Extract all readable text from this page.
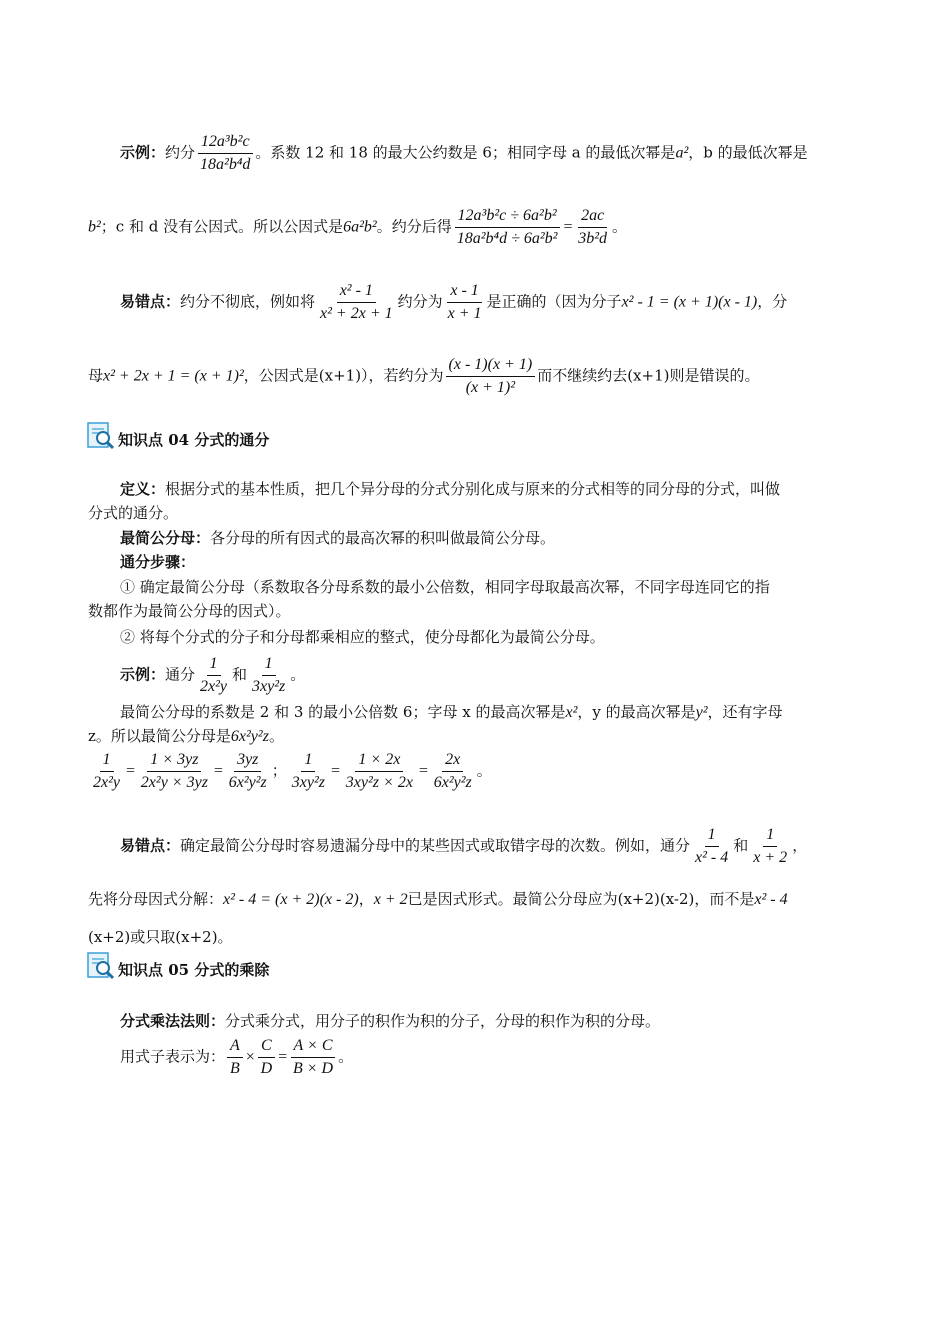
示例：约分 $\frac{\text{12a³b²c}}{\text{18a²b⁴d}}$ 。系数 12 和 18 的最大公约数是 6；相同字母 a 的最低次幂是a²，b 的最低次幂是
b²；c 和 d 没有公因式。所以公因式是6a²b²。约分后得 $\frac{\text{12a³b²c ÷ 6a²b²}}{\text{18a²b⁴d ÷ 6a²b²}} = \frac{2ac}{\text{3b²d}}$ 。
易错点：约分不彻底，例如将 $\frac{\text{x² - 1}}{\text{x² + 2x + 1}}$ 约分为 $\frac{x - 1}{x + 1}$ 是正确的（因为分子x² - 1 = (x + 1)(x - 1)，分
母x² + 2x + 1 = (x + 1)²，公因式是(x+1)），若约分为 $\frac{(x - 1)(x + 1)}{\text{(x + 1)²}}$ 而不继续约去(x+1)则是错误的。
知识点 04 分式的通分
定义：根据分式的基本性质，把几个异分母的分式分别化成与原来的分式相等的同分母的分式，叫做
分式的通分。
最简公分母：各分母的所有因式的最高次幂的积叫做最简公分母。
通分步骤：
① 确定最简公分母（系数取各分母系数的最小公倍数，相同字母取最高次幂，不同字母连同它的指
数都作为最简公分母的因式）。
② 将每个分式的分子和分母都乘相应的整式，使分母都化为最简公分母。
示例：通分 $\frac{1}{\text{2x²y}}$ 和 $\frac{1}{\text{3xy²z}}$ 。
最简公分母的系数是 2 和 3 的最小公倍数 6；字母 x 的最高次幂是x²，y 的最高次幂是y²，还有字母
z。所以最简公分母是6x²y²z。
$\frac{1}{\text{2x²y}} = \frac{1 \times 3yz}{\text{2x²y × 3yz}} = \frac{3yz}{\text{6x²y²z}}$ ； $\frac{1}{\text{3xy²z}} = \frac{1 \times 2x}{\text{3xy²z × 2x}} = \frac{2x}{\text{6x²y²z}}$ 。
易错点：确定最简公分母时容易遗漏分母中的某些因式或取错字母的次数。例如，通分 $\frac{1}{\text{x² - 4}}$ 和 $\frac{1}{x + 2}$ ，
先将分母因式分解：x² - 4 = (x + 2)(x - 2)，x + 2已是因式形式。最简公分母应为(x+2)(x-2)，而不是x² - 4
(x+2)或只取(x+2)。
知识点 05 分式的乘除
分式乘法法则：分式乘分式，用分子的积作为积的分子，分母的积作为积的分母。
用式子表示为： $\frac{A}{B} \times \frac{C}{D} = \frac{A \times C}{B \times D}$ 。
